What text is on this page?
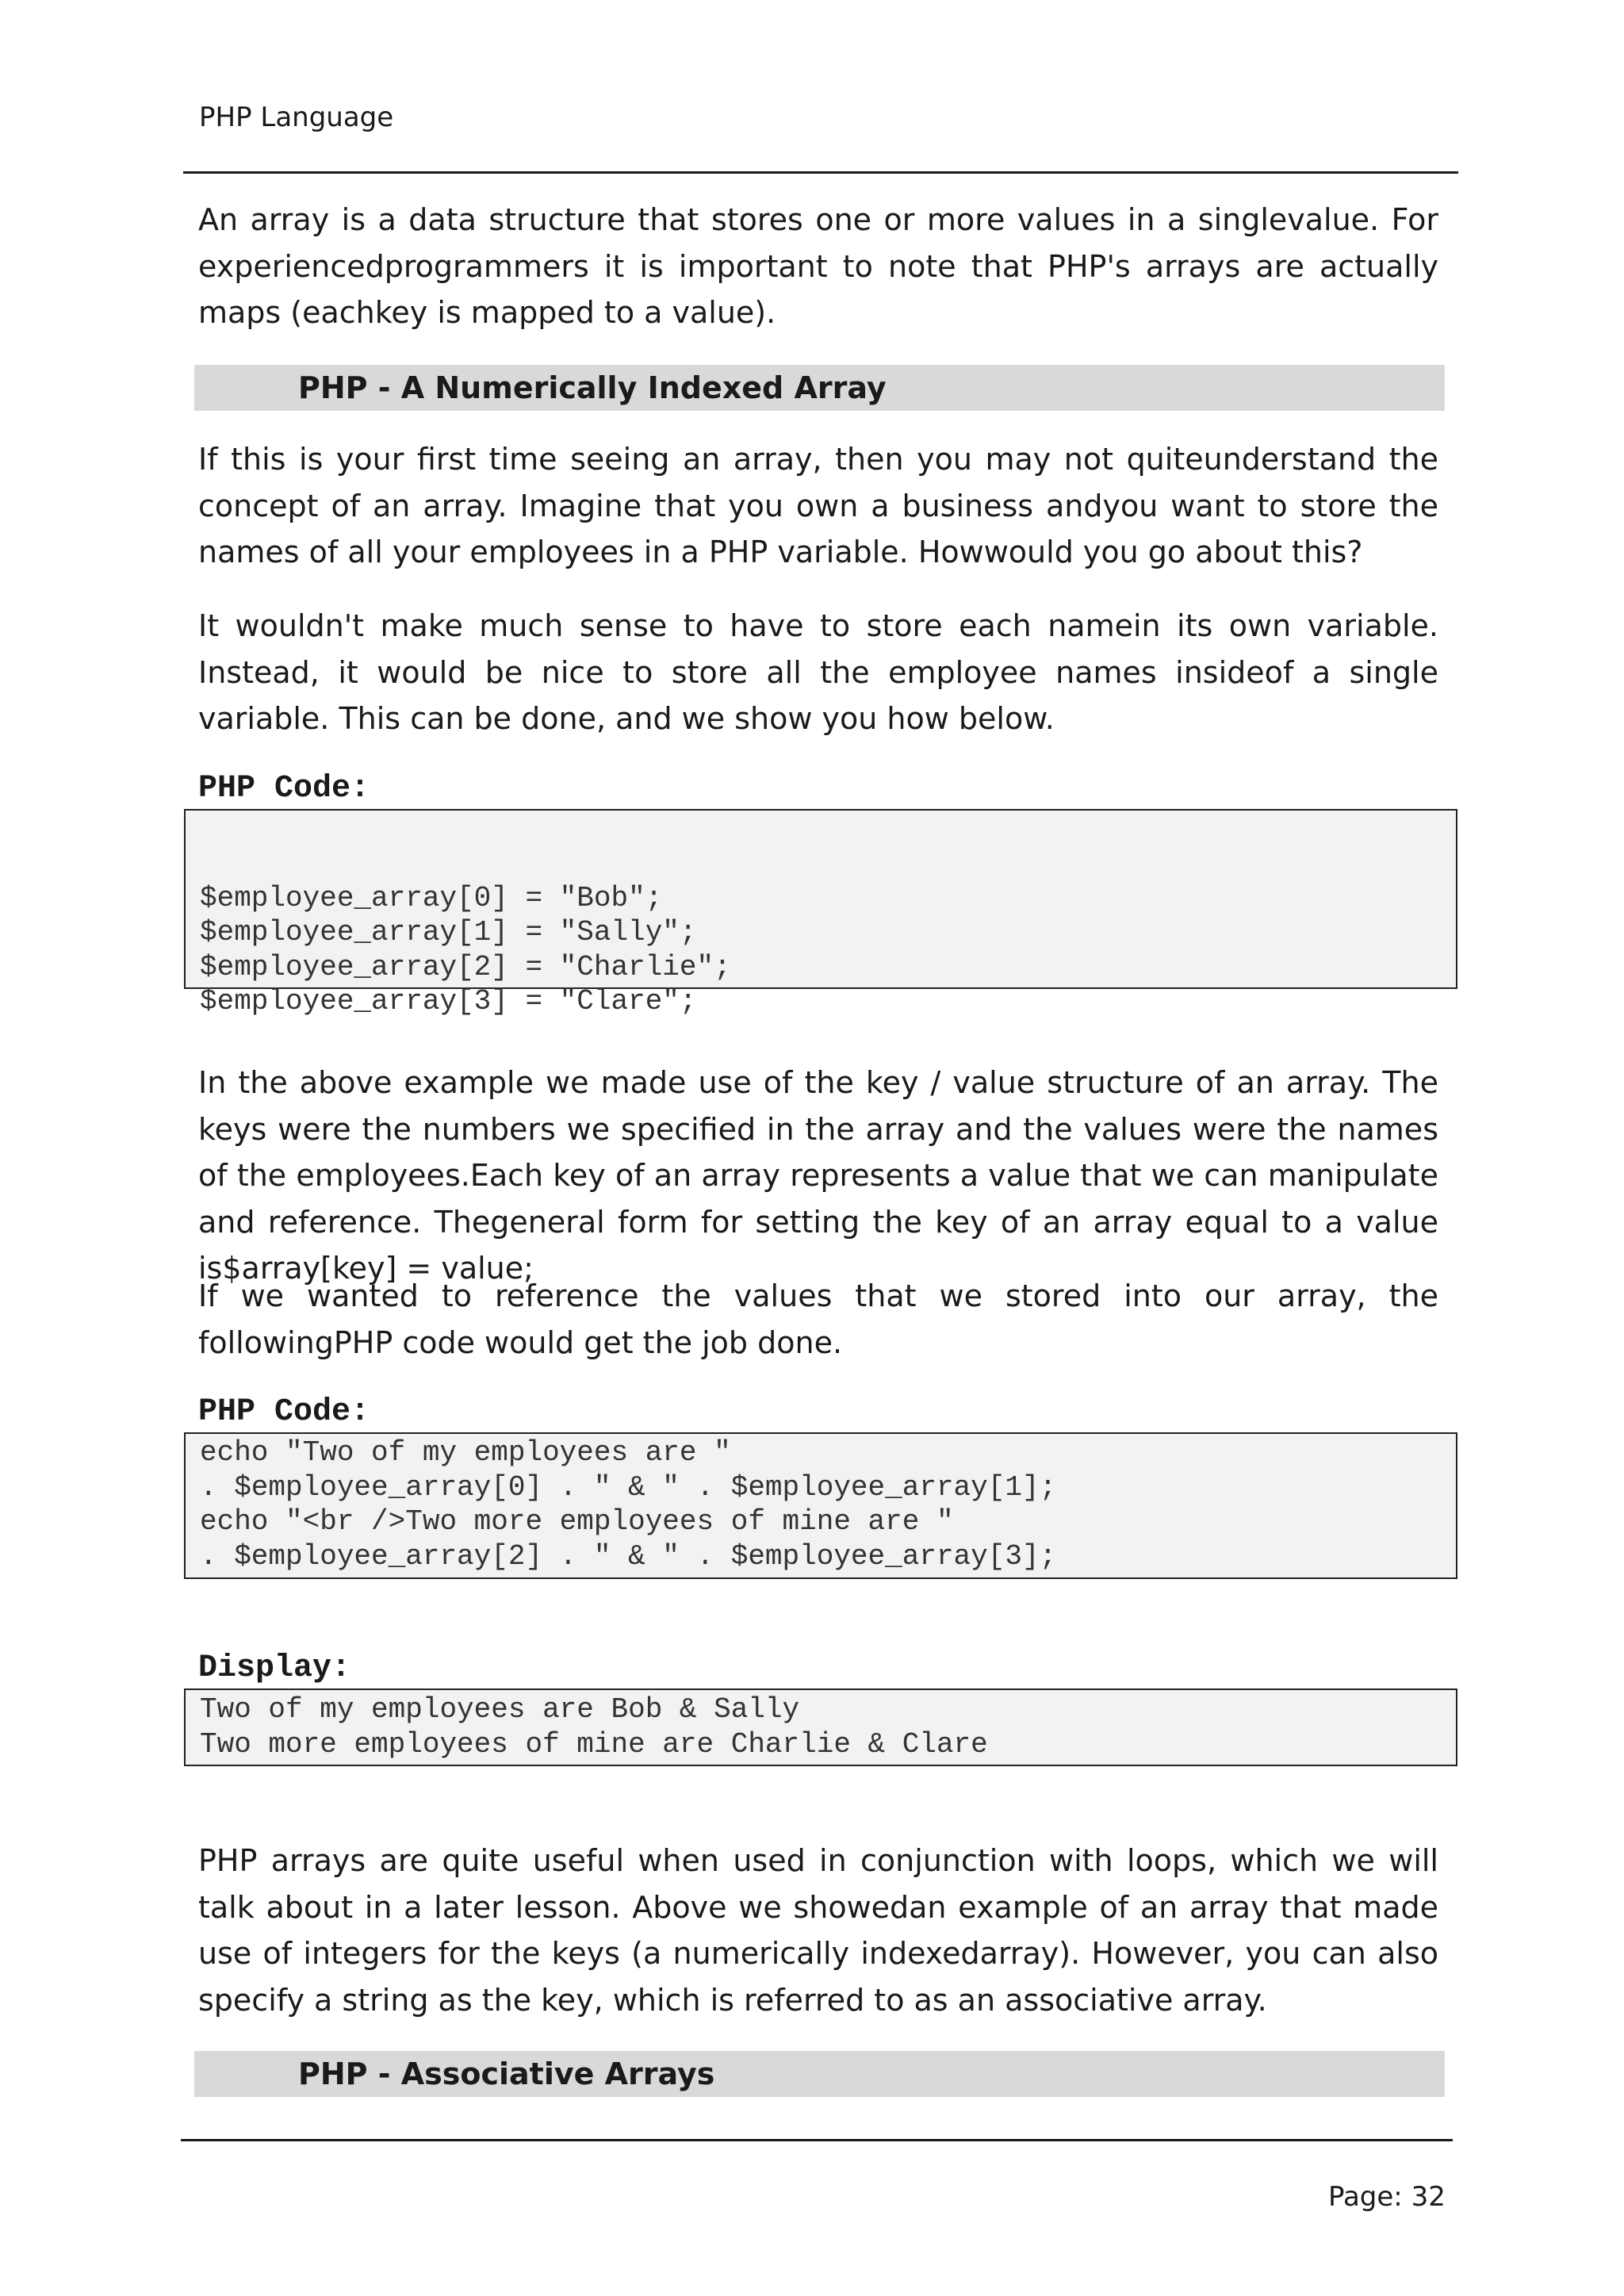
PHP Language
An array is a data structure that stores one or more values in a singlevalue. For experiencedprogrammers it is important to note that PHP's arrays are actually maps (eachkey is mapped to a value).
PHP - A Numerically Indexed Array
If this is your first time seeing an array, then you may not quiteunderstand the concept of an array. Imagine that you own a business andyou want to store the names of all your employees in a PHP variable. Howwould you go about this?
It wouldn't make much sense to have to store each namein its own variable. Instead, it would be nice to store all the employee names insideof a single variable. This can be done, and we show you how below.
PHP Code:
$employee_array[0] = "Bob";
$employee_array[1] = "Sally";
$employee_array[2] = "Charlie";
$employee_array[3] = "Clare";
In the above example we made use of the key / value structure of an array. The keys were the numbers we specified in the array and the values were the names of the employees.Each key of an array represents a value that we can manipulate and reference. Thegeneral form for setting the key of an array equal to a value is$array[key] = value;
If we wanted to reference the values that we stored into our array, the followingPHP code would get the job done.
PHP Code:
echo "Two of my employees are "
. $employee_array[0] . " & " . $employee_array[1];
echo "<br />Two more employees of mine are "
. $employee_array[2] . " & " . $employee_array[3];
Display:
Two of my employees are Bob & Sally
Two more employees of mine are Charlie & Clare
PHP arrays are quite useful when used in conjunction with loops, which we will talk about in a later lesson. Above we showedan example of an array that made use of integers for the keys (a numerically indexedarray). However, you can also specify a string as the key, which is referred to as an associative array.
PHP - Associative Arrays
Page: 32
